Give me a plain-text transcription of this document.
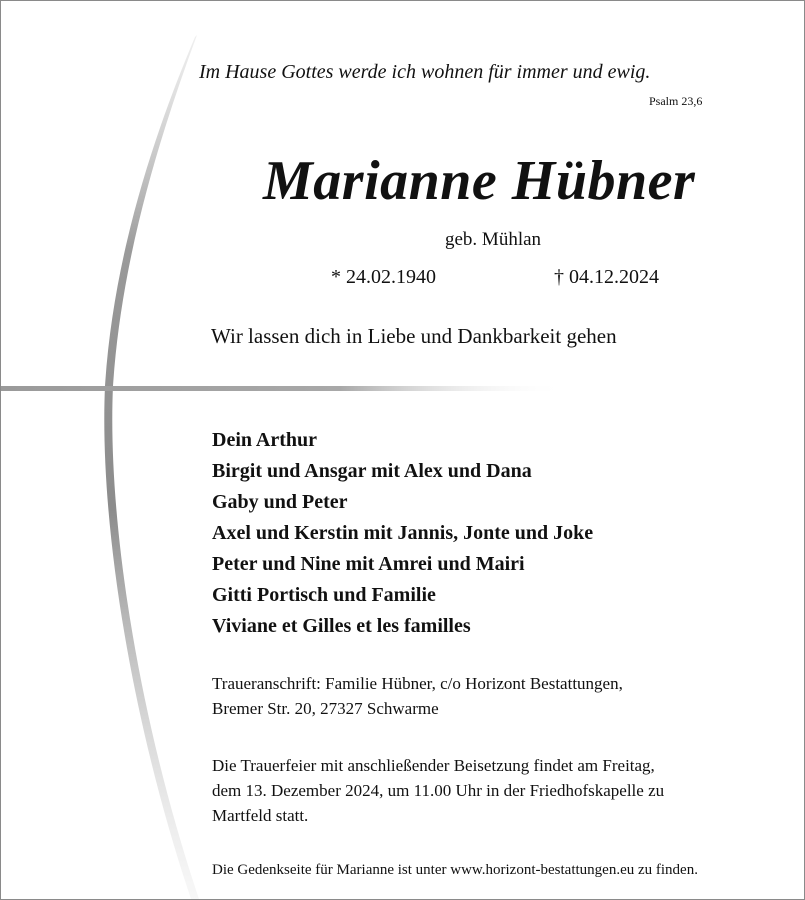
Im Hause Gottes werde ich wohnen für immer und ewig.
Psalm 23,6
Marianne Hübner
geb. Mühlan
* 24.02.1940	† 04.12.2024
Wir lassen dich in Liebe und Dankbarkeit gehen
Dein Arthur
Birgit und Ansgar mit Alex und Dana
Gaby und Peter
Axel und Kerstin mit Jannis, Jonte und Joke
Peter und Nine mit Amrei und Mairi
Gitti Portisch und Familie
Viviane et Gilles et les familles
Traueranschrift: Familie Hübner, c/o Horizont Bestattungen,
Bremer Str. 20, 27327 Schwarme
Die Trauerfeier mit anschließender Beisetzung findet am Freitag,
dem 13. Dezember 2024, um 11.00 Uhr in der Friedhofskapelle zu
Martfeld statt.
Die Gedenkseite für Marianne ist unter www.horizont-bestattungen.eu zu finden.
